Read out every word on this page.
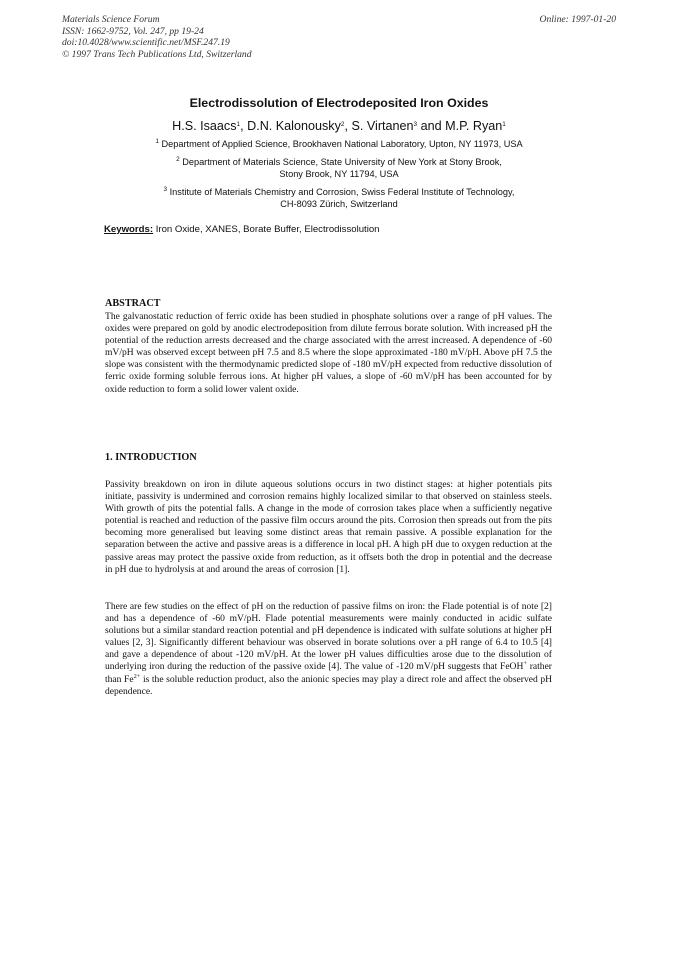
Materials Science Forum
ISSN: 1662-9752, Vol. 247, pp 19-24
doi:10.4028/www.scientific.net/MSF.247.19
© 1997 Trans Tech Publications Ltd, Switzerland
Online: 1997-01-20
Electrodissolution of Electrodeposited Iron Oxides
H.S. Isaacs$^1$, D.N. Kalonousky$^2$, S. Virtanen$^3$ and M.P. Ryan$^1$
$^1$ Department of Applied Science, Brookhaven National Laboratory, Upton, NY 11973, USA
$^2$ Department of Materials Science, State University of New York at Stony Brook,
Stony Brook, NY 11794, USA
$^3$ Institute of Materials Chemistry and Corrosion, Swiss Federal Institute of Technology,
CH-8093 Zürich, Switzerland
Keywords: Iron Oxide, XANES, Borate Buffer, Electrodissolution
ABSTRACT

The galvanostatic reduction of ferric oxide has been studied in phosphate solutions over a range of pH values. The oxides were prepared on gold by anodic electrodeposition from dilute ferrous borate solution. With increased pH the potential of the reduction arrests decreased and the charge associated with the arrest increased. A dependence of -60 mV/pH was observed except between pH 7.5 and 8.5 where the slope approximated -180 mV/pH. Above pH 7.5 the slope was consistent with the thermodynamic predicted slope of -180 mV/pH expected from reductive dissolution of ferric oxide forming soluble ferrous ions. At higher pH values, a slope of -60 mV/pH has been accounted for by oxide reduction to form a solid lower valent oxide.

1. INTRODUCTION

Passivity breakdown on iron in dilute aqueous solutions occurs in two distinct stages: at higher potentials pits initiate, passivity is undermined and corrosion remains highly localized similar to that observed on stainless steels. With growth of pits the potential falls. A change in the mode of corrosion takes place when a sufficiently negative potential is reached and reduction of the passive film occurs around the pits. Corrosion then spreads out from the pits becoming more generalised but leaving some distinct areas that remain passive. A possible explanation for the separation between the active and passive areas is a difference in local pH. A high pH due to oxygen reduction at the passive areas may protect the passive oxide from reduction, as it offsets both the drop in potential and the decrease in pH due to hydrolysis at and around the areas of corrosion [1].

There are few studies on the effect of pH on the reduction of passive films on iron: the Flade potential is of note [2] and has a dependence of -60 mV/pH. Flade potential measurements were mainly conducted in acidic sulfate solutions but a similar standard reaction potential and pH dependence is indicated with sulfate solutions at higher pH values [2, 3]. Significantly different behaviour was observed in borate solutions over a pH range of 6.4 to 10.5 [4] and gave a dependence of about -120 mV/pH. At the lower pH values difficulties arose due to the dissolution of underlying iron during the reduction of the passive oxide [4]. The value of -120 mV/pH suggests that FeOH+ rather than $Fe^{2+}$ is the soluble reduction product, also the anionic species may play a direct role and affect the observed pH dependence.
